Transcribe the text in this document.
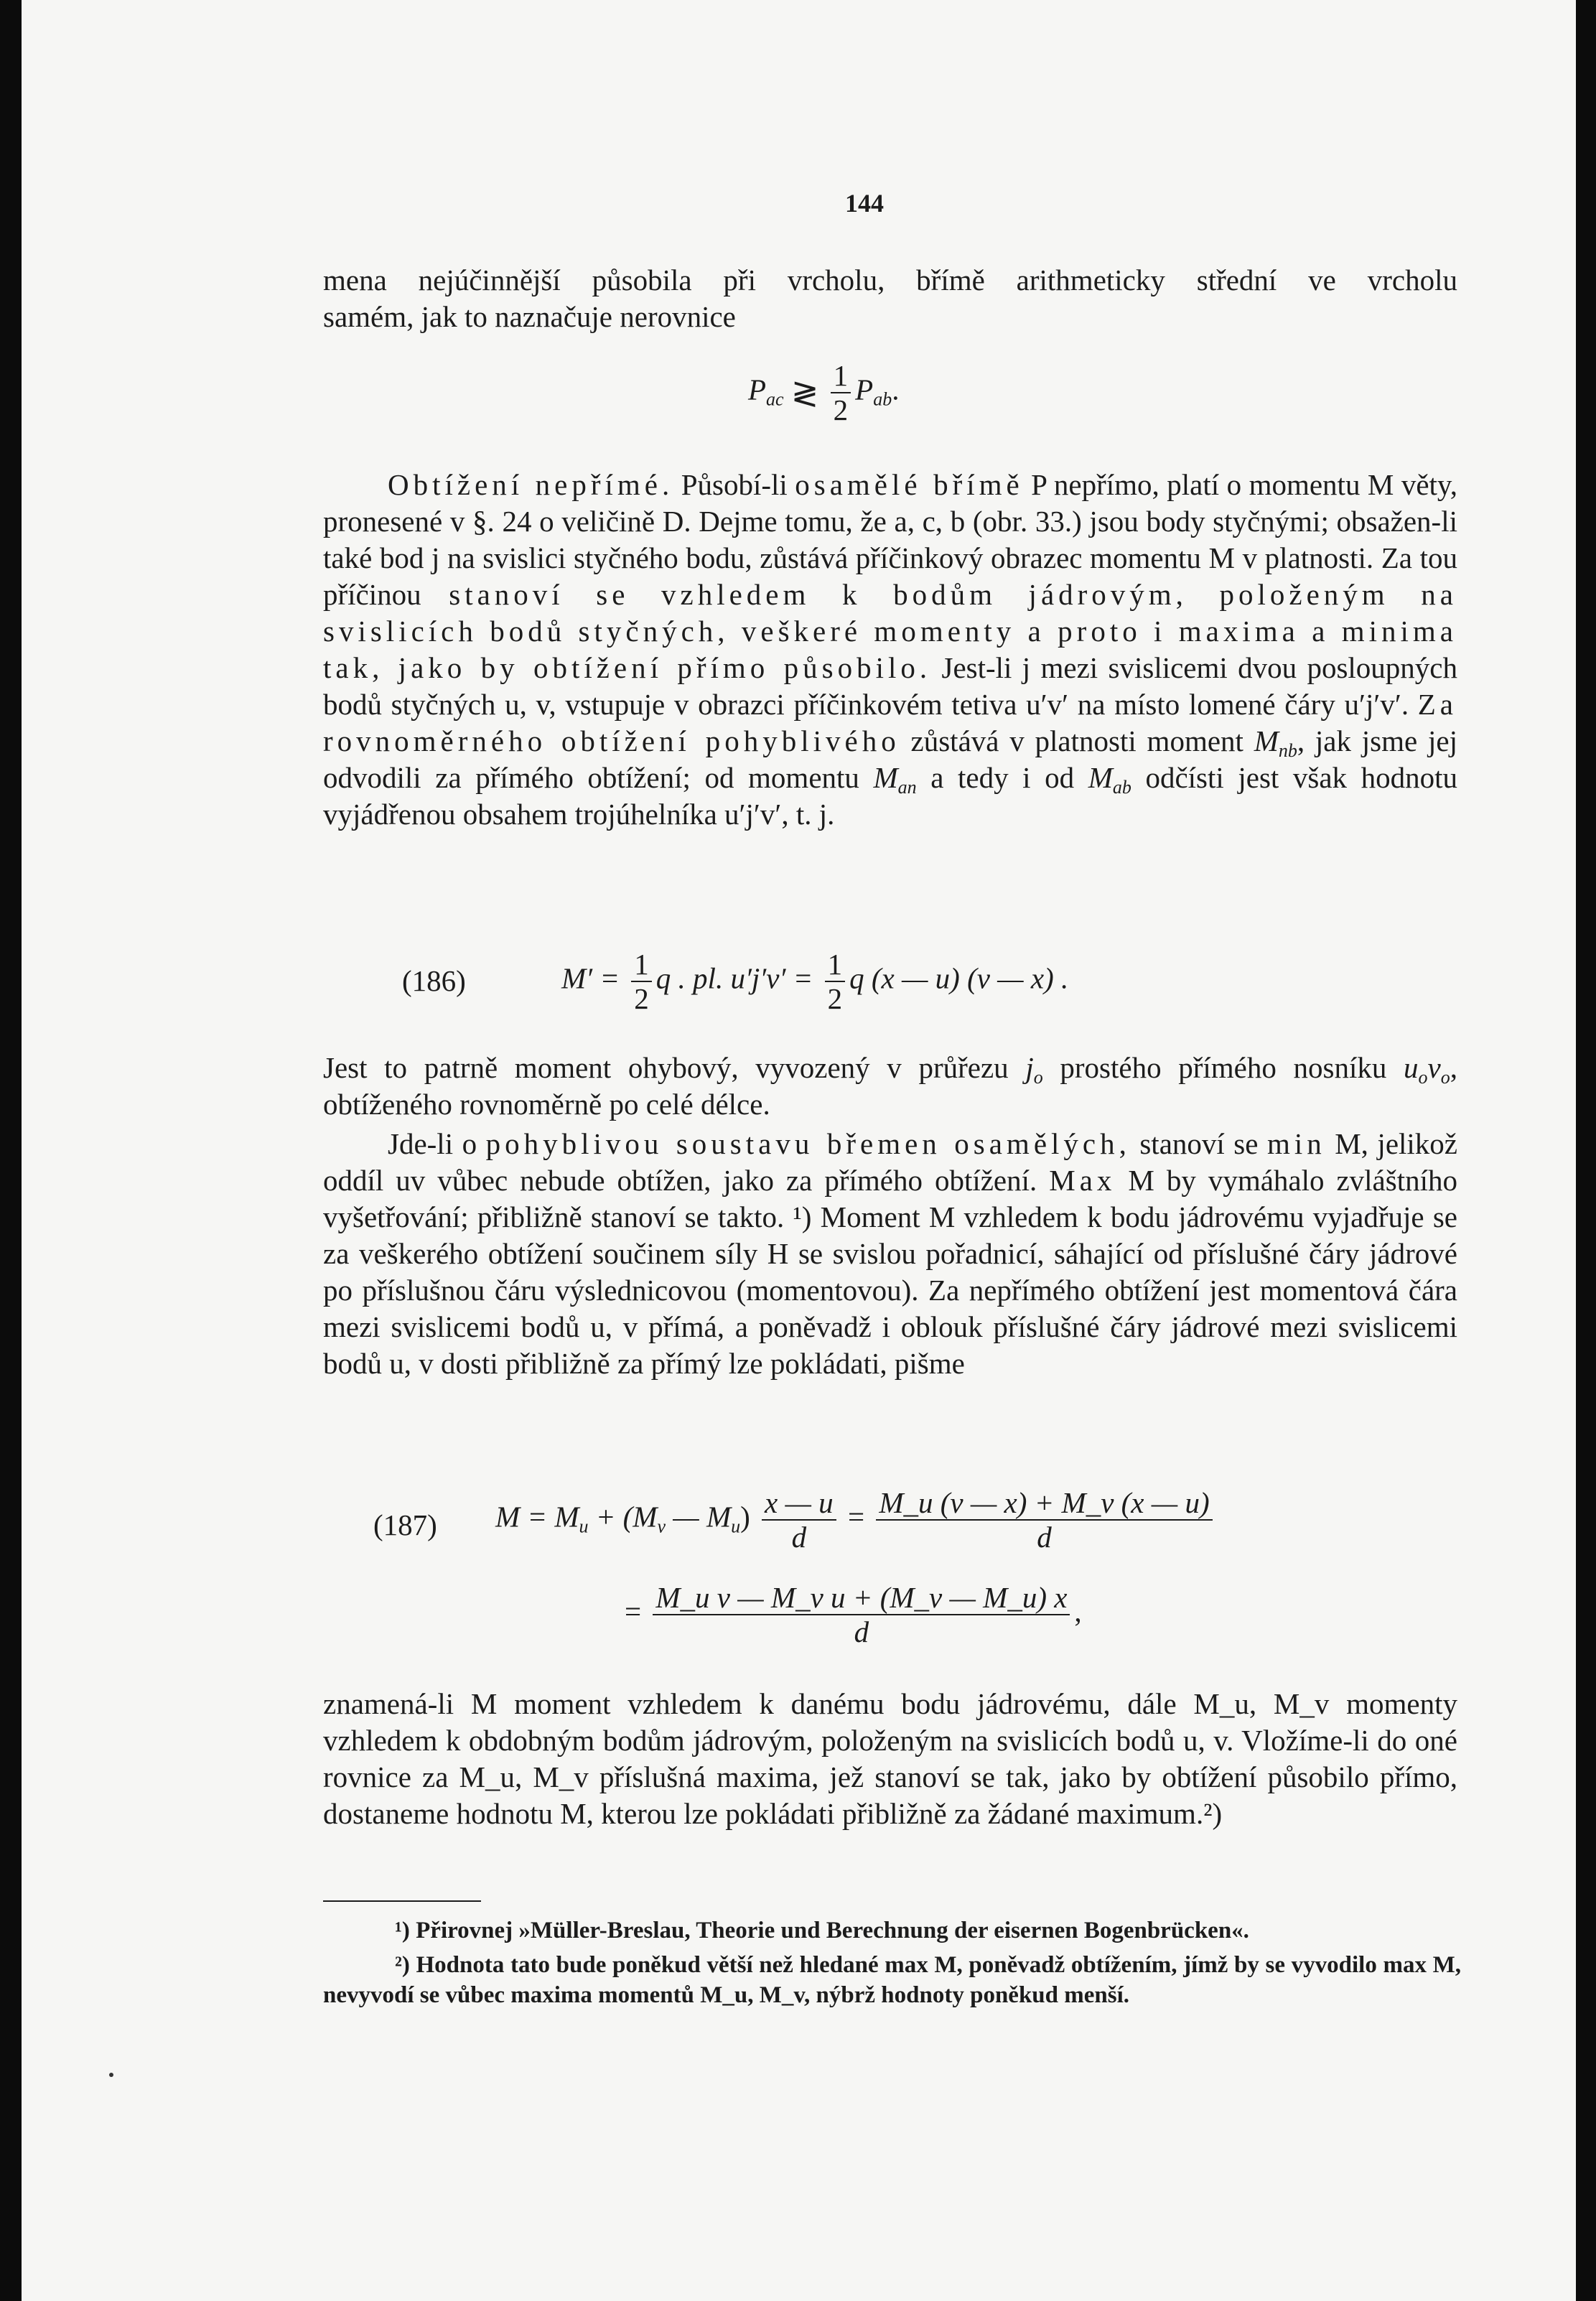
144

mena nejúčinnější působila při vrcholu, břímě arithmeticky střední ve vrcholu

samém, jak to naznačuje nerovnice

$P_{ac}$ ≷ $\frac{1}{2} P_{ab}$.

Obtížení nepřímé. Působí-li osamělé břímě P nepřímo, platí o momentu M věty, pronesené v §. 24 o veličině D. Dejme tomu, že a, c, b (obr. 33.) jsou body styčnými; obsažen-li také bod j na svislici styčného bodu, zůstává příčinkový obrazec momentu M v platnosti. Za tou příčinou stanoví se vzhledem k bodům jádrovým, položeným na svislicích bodů styčných, veškeré momenty a proto i maxima a minima tak, jako by obtížení přímo působilo. Jest-li j mezi svislicemi dvou posloupných bodů styčných u, v, vstupuje v obrazci příčinkovém tetiva u′v′ na místo lomené čáry u′j′v′. Za rovnoměrného obtížení pohyblivého zůstává v platnosti moment $M_{nb}$, jak jsme jej odvodili za přímého obtížení; od momentu $M_{an}$ a tedy i od $M_{ab}$ odčísti jest však hodnotu vyjádřenou obsahem trojúhelníka u′j′v′, t. j.

(186)	$M' = \frac{1}{2}$ q . pl. $u'j'v' = \frac{1}{2}$ q (x — u) (v — x) .

Jest to patrně moment ohybový, vyvozený v průřezu $j_o$ prostého přímého nosníku $u_ov_o$, obtíženého rovnoměrně po celé délce.

Jde-li o pohyblivou soustavu břemen osamělých, stanoví se min M, jelikož oddíl uv vůbec nebude obtížen, jako za přímého obtížení. Max M by vymáhalo zvláštního vyšetřování; přibližně stanoví se takto. ¹) Moment M vzhledem k bodu jádrovému vyjadřuje se za veškerého obtížení součinem síly H se svislou pořadnicí, sáhající od příslušné čáry jádrové po příslušnou čáru výslednicovou (momentovou). Za nepřímého obtížení jest momentová čára mezi svislicemi bodů u, v přímá, a poněvadž i oblouk příslušné čáry jádrové mezi svislicemi bodů u, v dosti přibližně za přímý lze pokládati, pišme

(187) $M = M_u + (M_v$ — $M_u) \frac{x — u}{d} = \frac{M\_u (v — x) + M\_v (x — u)}{d}$
= $\frac{\text{M\_u v — M\_v u + (M\_v — M\_u) x}}{d}$ ,

znamená-li M moment vzhledem k danému bodu jádrovému, dále M_u, M_v momenty vzhledem k obdobným bodům jádrovým, položeným na svislicích bodů u, v. Vložíme-li do oné rovnice za M_u, M_v příslušná maxima, jež stanoví se tak, jako by obtížení působilo přímo, dostaneme hodnotu M, kterou lze pokládati přibližně za žádané maximum.²)

¹) Přirovnej »Müller-Breslau, Theorie und Berechnung der eisernen Bogenbrücken«.

²) Hodnota tato bude poněkud větší než hledané max M, poněvadž obtížením, jímž by se vyvodilo max M, nevyvodí se vůbec maxima momentů M_u, M_v, nýbrž hodnoty poněkud menší.
